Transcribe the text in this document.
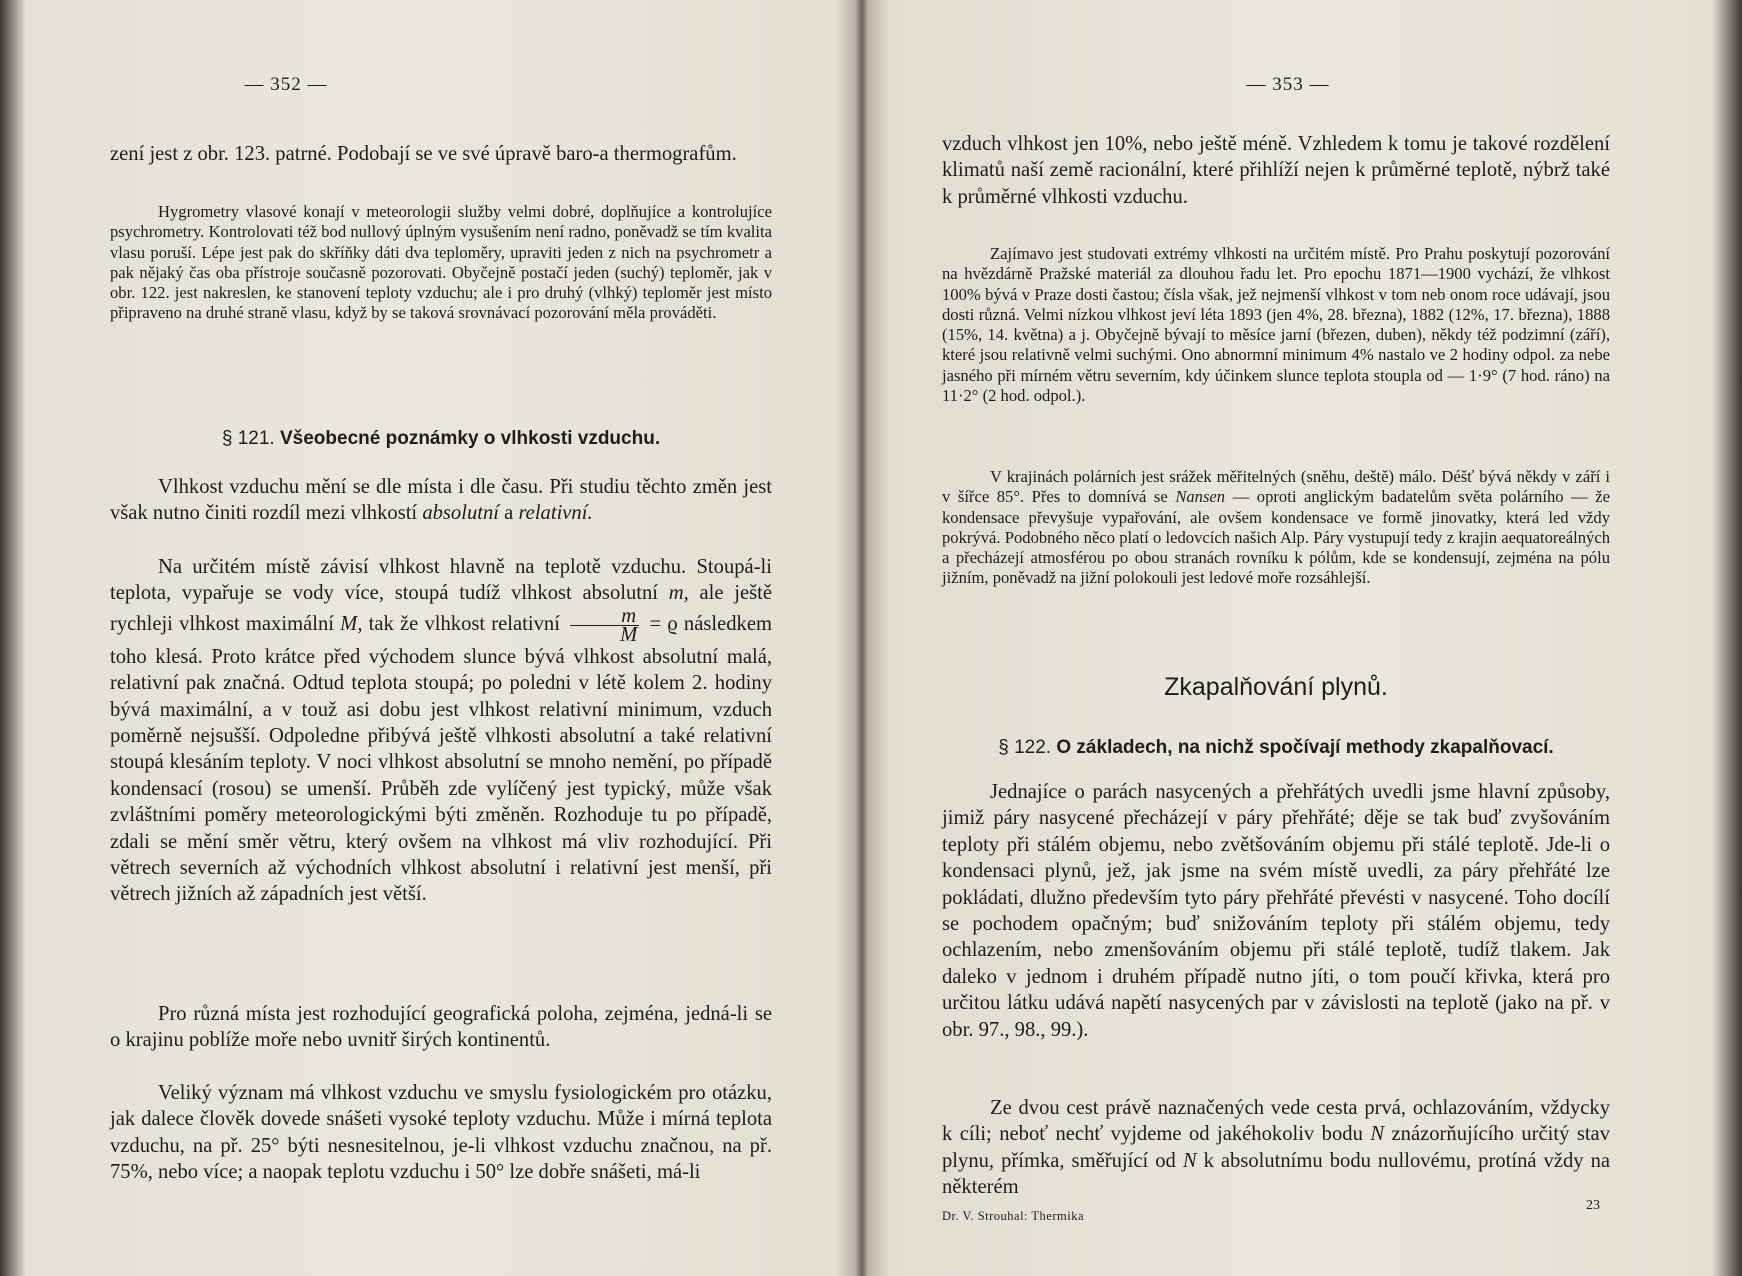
— 352 —

zení jest z obr. 123. patrné. Podobají se ve své úpravě baro-a thermografům.

Hygrometry vlasové konají v meteorologii služby velmi dobré, doplňujíce a kontrolujíce psychrometry. Kontrolovati též bod nullový úplným vysušením není radno, poněvadž se tím kvalita vlasu poruší. Lépe jest pak do skříňky dáti dva teploměry, upraviti jeden z nich na psychrometr a pak nějaký čas oba přístroje současně pozorovati. Obyčejně postačí jeden (suchý) teploměr, jak v obr. 122. jest nakreslen, ke stanovení teploty vzduchu; ale i pro druhý (vlhký) teploměr jest místo připraveno na druhé straně vlasu, když by se taková srovnávací pozorování měla prováděti.

§ 121. Všeobecné poznámky o vlhkosti vzduchu.

Vlhkost vzduchu mění se dle místa i dle času. Při studiu těchto změn jest však nutno činiti rozdíl mezi vlhkostí absolutní a relativní.

Na určitém místě závisí vlhkost hlavně na teplotě vzduchu. Stoupá-li teplota, vypařuje se vody více, stoupá tudíž vlhkost absolutní m, ale ještě rychleji vlhkost maximální M, tak že vlhkost relativní $\frac{m}{M} = ϱ$ následkem toho klesá. Proto krátce před východem slunce bývá vlhkost absolutní malá, relativní pak značná. Odtud teplota stoupá; po poledni v létě kolem 2. hodiny bývá maximální, a v touž asi dobu jest vlhkost relativní minimum, vzduch poměrně nejsušší. Odpoledne přibývá ještě vlhkosti absolutní a také relativní stoupá klesáním teploty. V noci vlhkost absolutní se mnoho nemění, po případě kondensací (rosou) se umenší. Průběh zde vylíčený jest typický, může však zvláštními poměry meteorologickými býti změněn. Rozhoduje tu po případě, zdali se mění směr větru, který ovšem na vlhkost má vliv rozhodující. Při větrech severních až východních vlhkost absolutní i relativní jest menší, při větrech jižních až západních jest větší.

Pro různá místa jest rozhodující geografická poloha, zejména, jedná-li se o krajinu poblíže moře nebo uvnitř širých kontinentů.

Veliký význam má vlhkost vzduchu ve smyslu fysiologickém pro otázku, jak dalece člověk dovede snášeti vysoké teploty vzduchu. Může i mírná teplota vzduchu, na př. 25° býti nesnesitelnou, je-li vlhkost vzduchu značnou, na př. 75%, nebo více; a naopak teplotu vzduchu i 50° lze dobře snášeti, má-li

— 353 —

vzduch vlhkost jen 10%, nebo ještě méně. Vzhledem k tomu je takové rozdělení klimatů naší země racionální, které přihlíží nejen k průměrné teplotě, nýbrž také k průměrné vlhkosti vzduchu.

Zajímavo jest studovati extrémy vlhkosti na určitém místě. Pro Prahu poskytují pozorování na hvězdárně Pražské materiál za dlouhou řadu let. Pro epochu 1871—1900 vychází, že vlhkost 100% bývá v Praze dosti častou; čísla však, jež nejmenší vlhkost v tom neb onom roce udávají, jsou dosti různá. Velmi nízkou vlhkost jeví léta 1893 (jen 4%, 28. března), 1882 (12%, 17. března), 1888 (15%, 14. května) a j. Obyčejně bývají to měsíce jarní (březen, duben), někdy též podzimní (září), které jsou relativně velmi suchými. Ono abnormní minimum 4% nastalo ve 2 hodiny odpol. za nebe jasného při mírném větru severním, kdy účinkem slunce teplota stoupla od — 1·9° (7 hod. ráno) na 11·2° (2 hod. odpol.).

V krajinách polárních jest srážek měřitelných (sněhu, deště) málo. Déšť bývá někdy v září i v šířce 85°. Přes to domnívá se Nansen — oproti anglickým badatelům světa polárního — že kondensace převyšuje vypařování, ale ovšem kondensace ve formě jinovatky, která led vždy pokrývá. Podobného něco platí o ledovcích našich Alp. Páry vystupují tedy z krajin aequatoreálných a přecházejí atmosférou po obou stranách rovníku k pólům, kde se kondensují, zejména na pólu jižním, poněvadž na jižní polokouli jest ledové moře rozsáhlejší.

Zkapalňování plynů.
§ 122. O základech, na nichž spočívají methody zkapalňovací.

Jednajíce o parách nasycených a přehřátých uvedli jsme hlavní způsoby, jimiž páry nasycené přecházejí v páry přehřáté; děje se tak buď zvyšováním teploty při stálém objemu, nebo zvětšováním objemu při stálé teplotě. Jde-li o kondensaci plynů, jež, jak jsme na svém místě uvedli, za páry přehřáté lze pokládati, dlužno především tyto páry přehřáté převésti v nasycené. Toho docílí se pochodem opačným; buď snižováním teploty při stálém objemu, tedy ochlazením, nebo zmenšováním objemu při stálé teplotě, tudíž tlakem. Jak daleko v jednom i druhém případě nutno jíti, o tom poučí křivka, která pro určitou látku udává napětí nasycených par v závislosti na teplotě (jako na př. v obr. 97., 98., 99.).

Ze dvou cest právě naznačených vede cesta prvá, ochlazováním, vždycky k cíli; neboť nechť vyjdeme od jakéhokoliv bodu N znázorňujícího určitý stav plynu, přímka, směřující od N k absolutnímu bodu nullovému, protíná vždy na některém

Dr. V. Strouhal: Thermika
23
